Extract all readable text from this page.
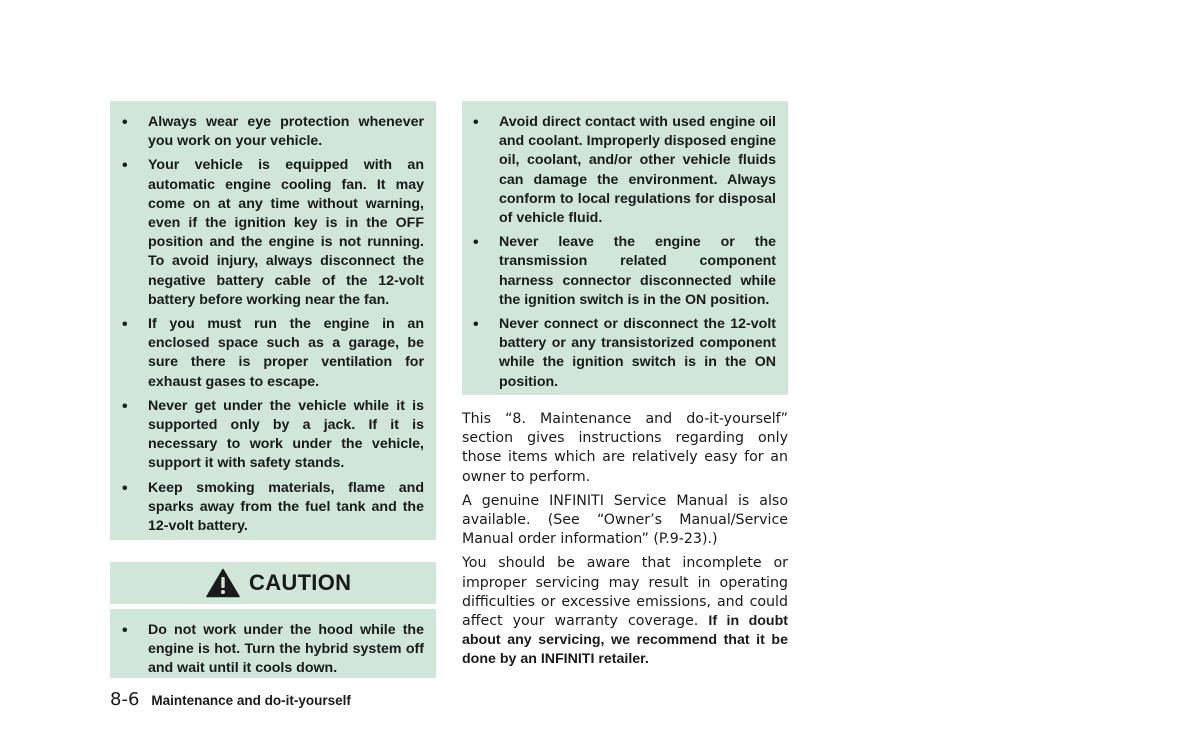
• Always wear eye protection whenever you work on your vehicle.
• Your vehicle is equipped with an automatic engine cooling fan. It may come on at any time without warning, even if the ignition key is in the OFF position and the engine is not running. To avoid injury, always disconnect the negative battery cable of the 12-volt battery before working near the fan.
• If you must run the engine in an enclosed space such as a garage, be sure there is proper ventilation for exhaust gases to escape.
• Never get under the vehicle while it is supported only by a jack. If it is necessary to work under the vehicle, support it with safety stands.
• Keep smoking materials, flame and sparks away from the fuel tank and the 12-volt battery.
CAUTION
• Do not work under the hood while the engine is hot. Turn the hybrid system off and wait until it cools down.
• Avoid direct contact with used engine oil and coolant. Improperly disposed engine oil, coolant, and/or other vehicle fluids can damage the environment. Always conform to local regulations for disposal of vehicle fluid.
• Never leave the engine or the transmission related component harness connector disconnected while the ignition switch is in the ON position.
• Never connect or disconnect the 12-volt battery or any transistorized component while the ignition switch is in the ON position.

This “8. Maintenance and do-it-yourself” section gives instructions regarding only those items which are relatively easy for an owner to perform.

A genuine INFINITI Service Manual is also available. (See “Owner’s Manual/Service Manual order information” (P.9-23).)

You should be aware that incomplete or improper servicing may result in operating difficulties or excessive emissions, and could affect your warranty coverage. If in doubt about any servicing, we recommend that it be done by an INFINITI retailer.

8-6 Maintenance and do-it-yourself
